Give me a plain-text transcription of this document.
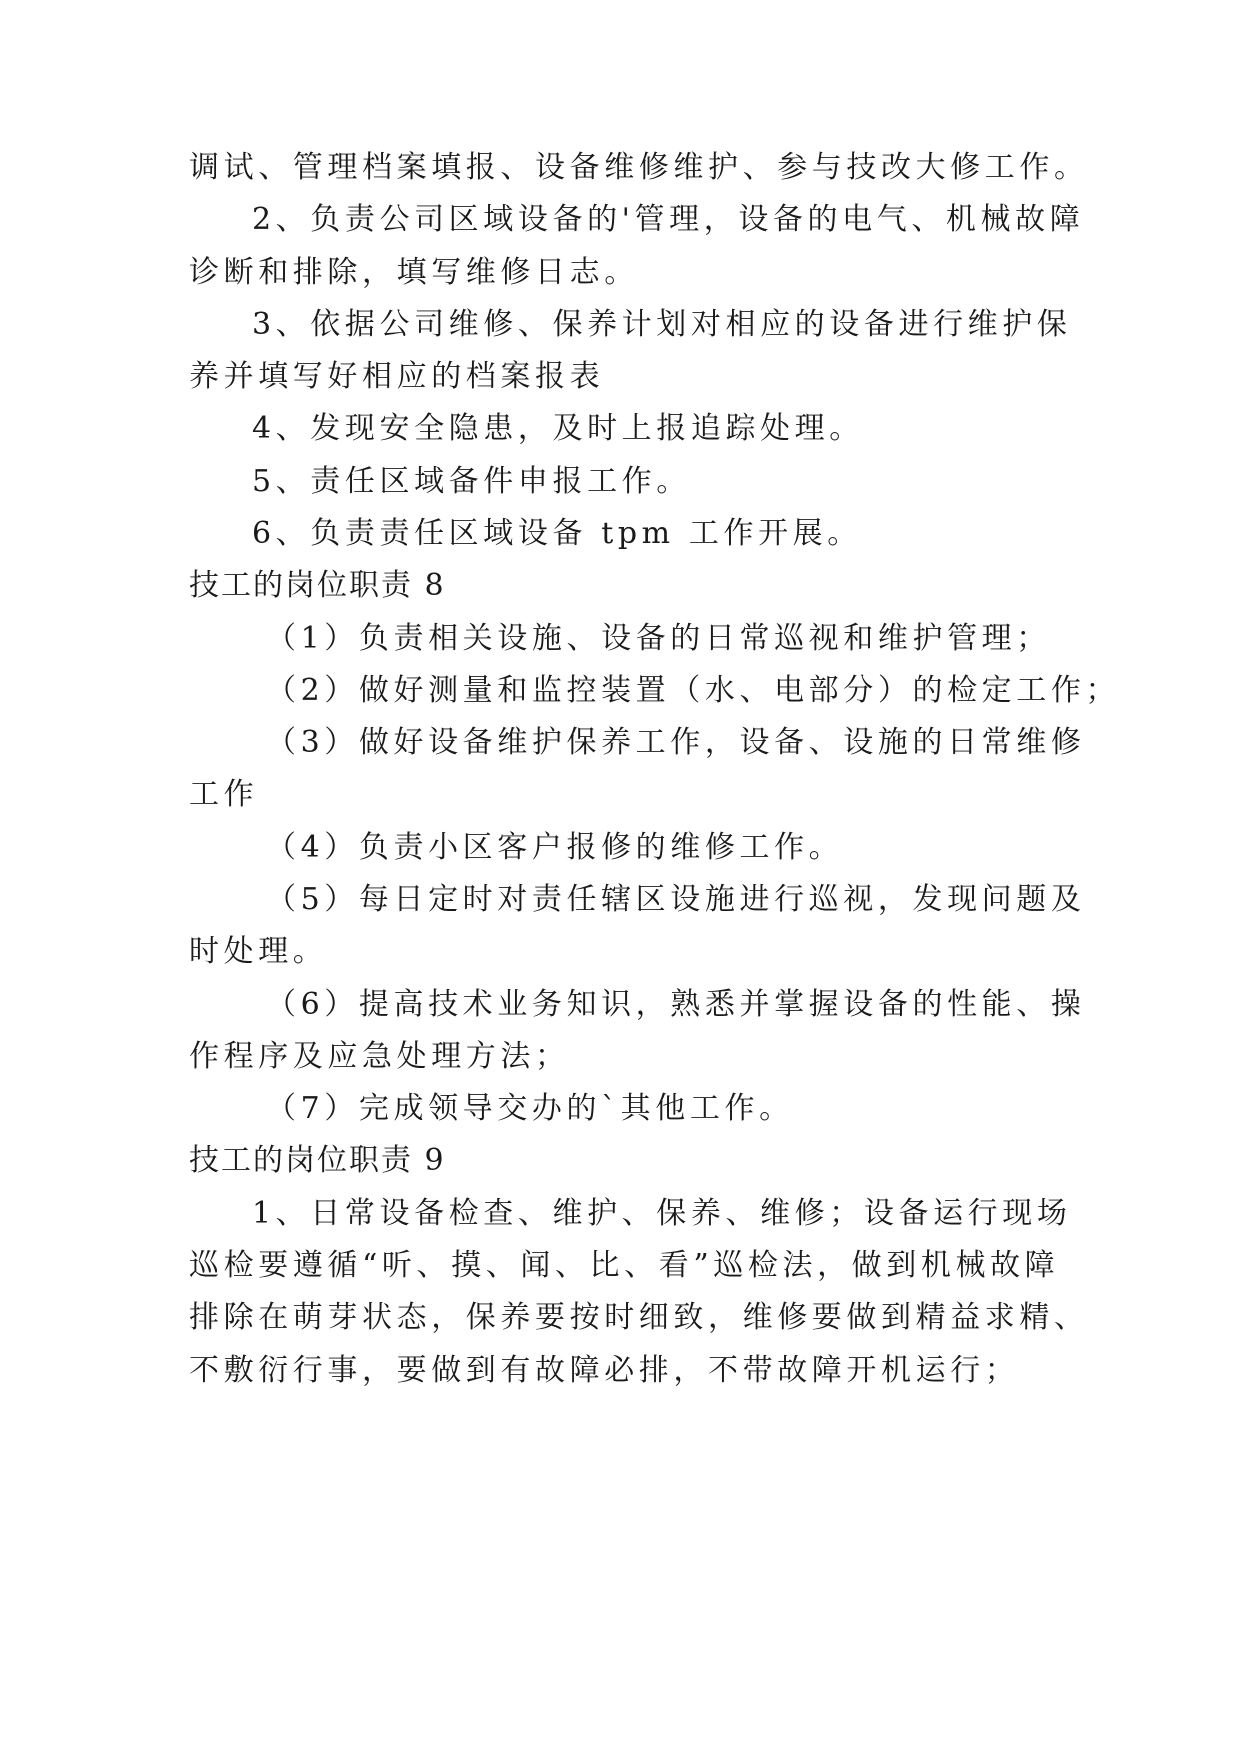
调试、管理档案填报、设备维修维护、参与技改大修工作。
2、负责公司区域设备的'管理，设备的电气、机械故障
诊断和排除，填写维修日志。
3、依据公司维修、保养计划对相应的设备进行维护保
养并填写好相应的档案报表
4、发现安全隐患，及时上报追踪处理。
5、责任区域备件申报工作。
6、负责责任区域设备 tpm 工作开展。
技工的岗位职责 8
（1）负责相关设施、设备的日常巡视和维护管理；
（2）做好测量和监控装置（水、电部分）的检定工作；
（3）做好设备维护保养工作，设备、设施的日常维修
工作
（4）负责小区客户报修的维修工作。
（5）每日定时对责任辖区设施进行巡视，发现问题及
时处理。
（6）提高技术业务知识，熟悉并掌握设备的性能、操
作程序及应急处理方法；
（7）完成领导交办的`其他工作。
技工的岗位职责 9
1、日常设备检查、维护、保养、维修；设备运行现场
巡检要遵循“听、摸、闻、比、看”巡检法，做到机械故障
排除在萌芽状态，保养要按时细致，维修要做到精益求精、
不敷衍行事，要做到有故障必排，不带故障开机运行；
